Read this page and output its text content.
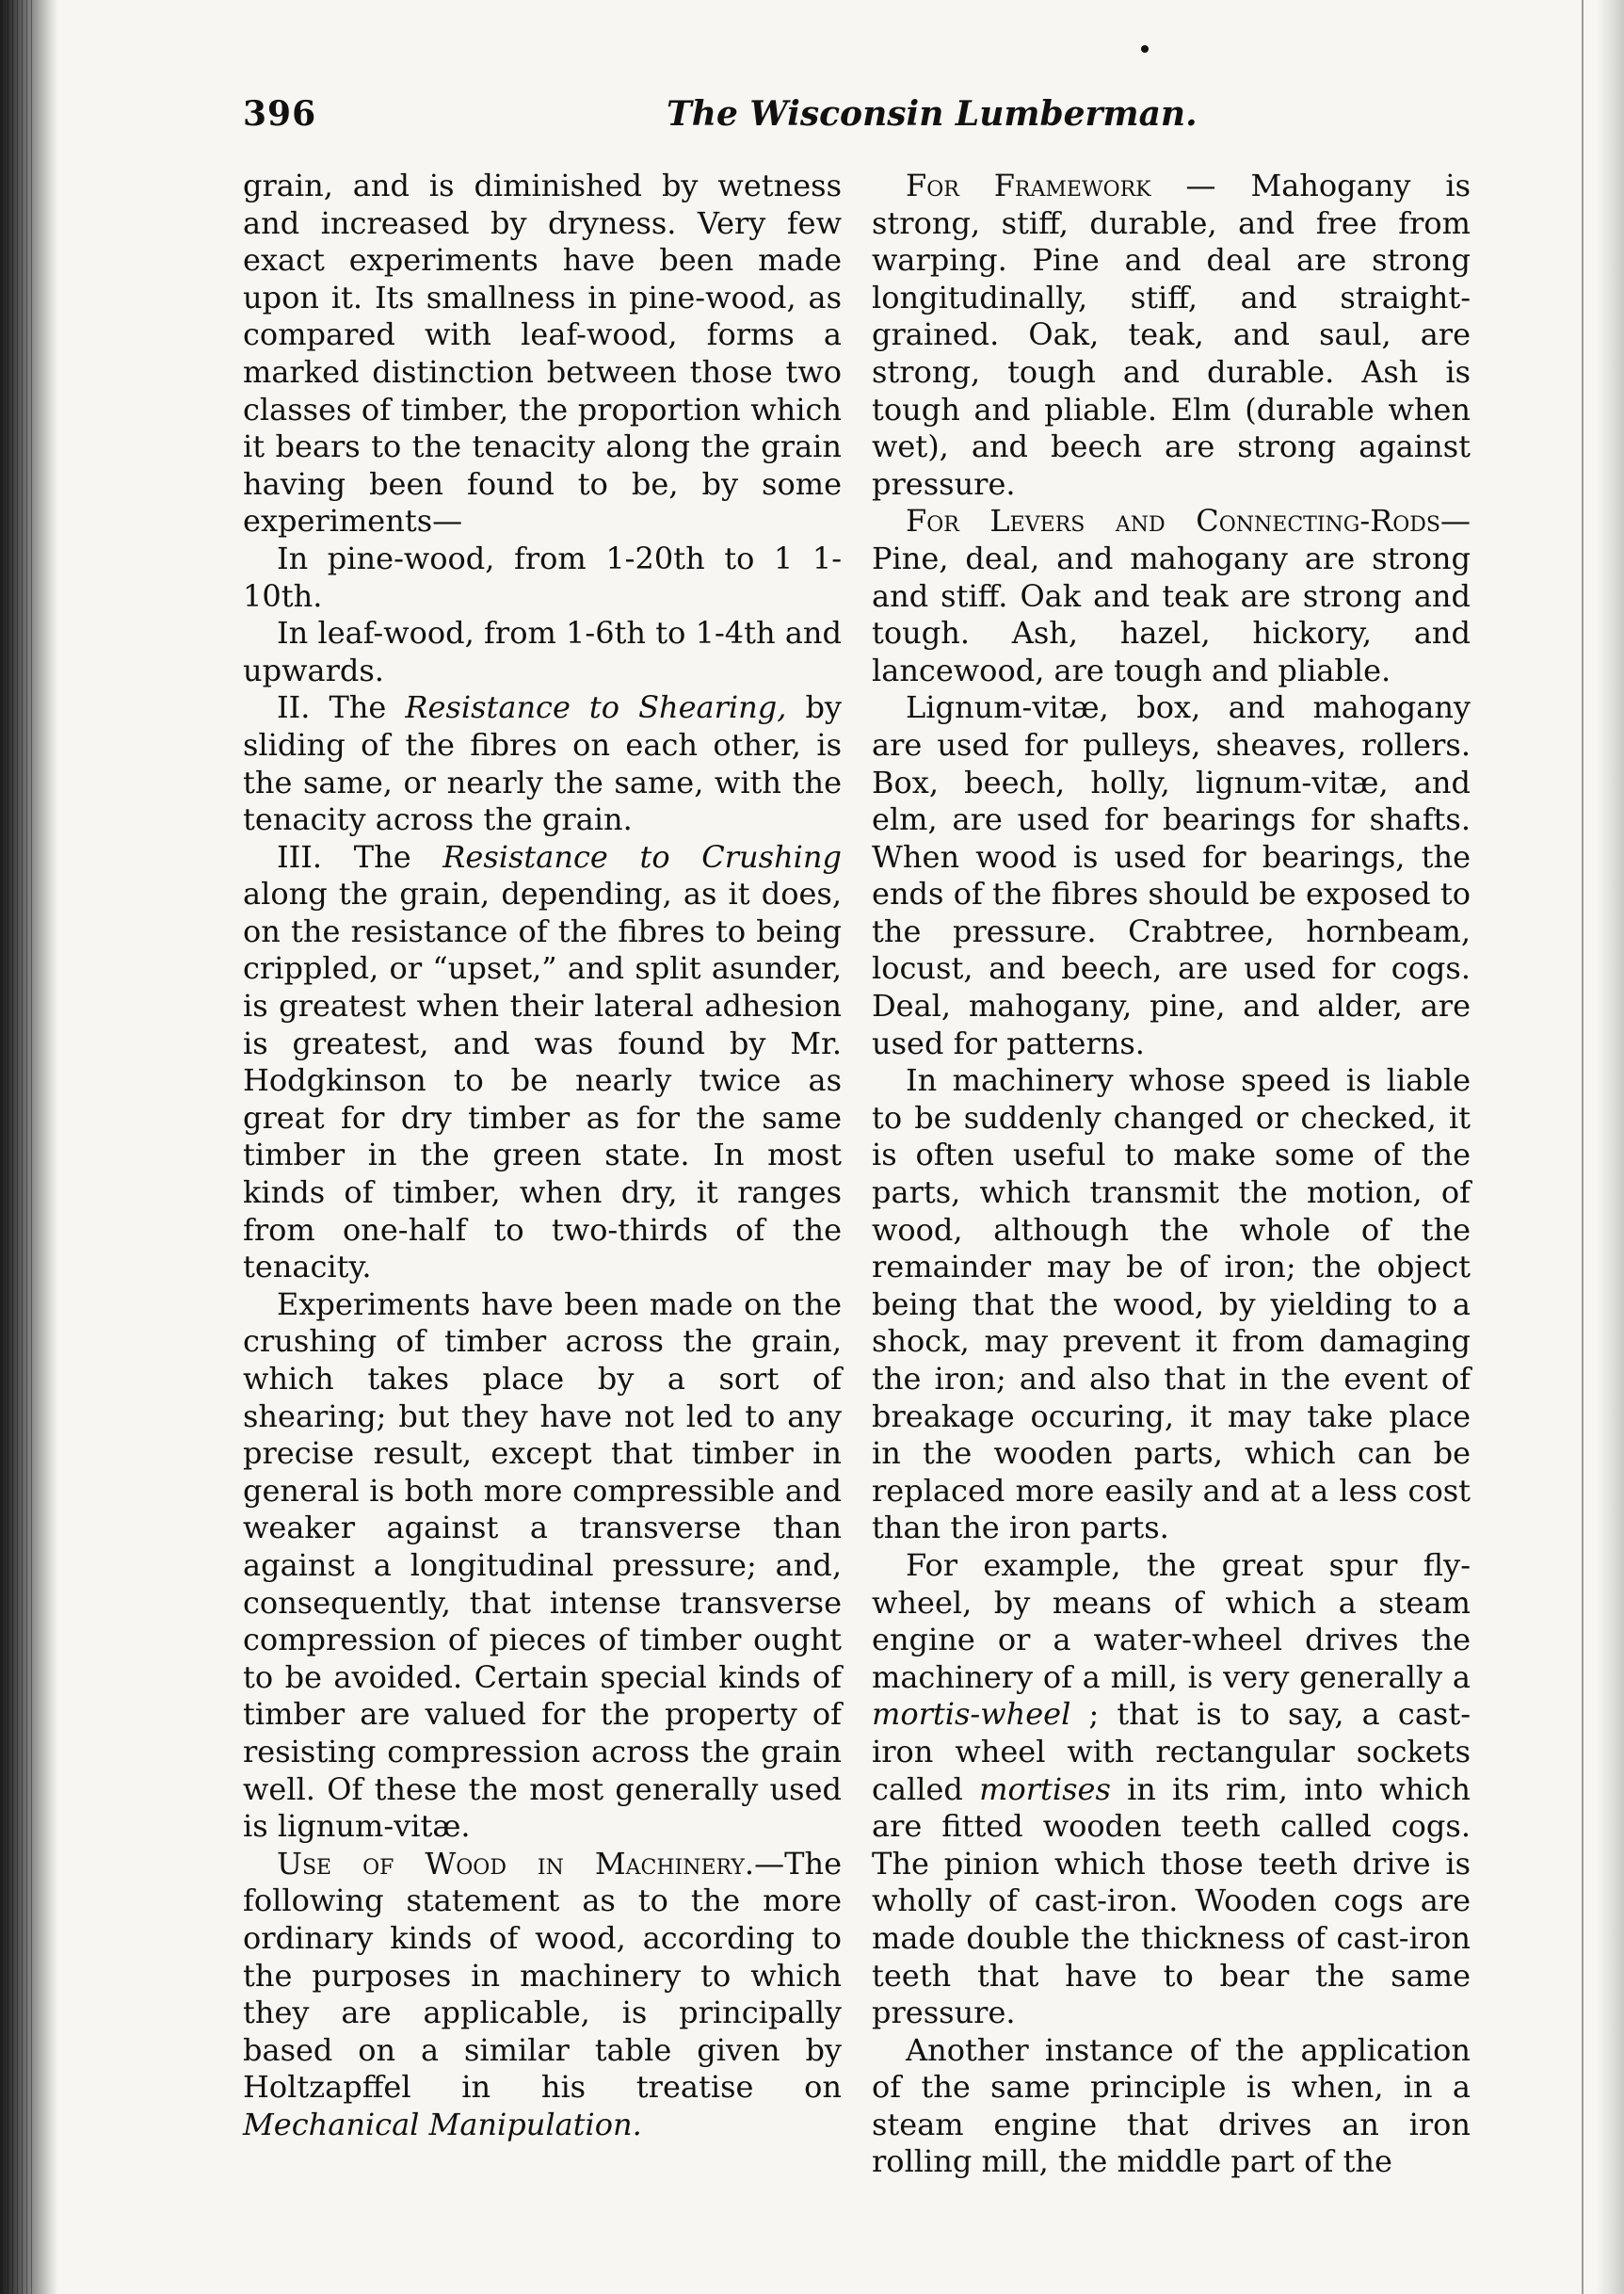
396	The Wisconsin Lumberman.

grain, and is diminished by wetness and increased by dryness. Very few exact experiments have been made upon it. Its smallness in pine-wood, as compared with leaf-wood, forms a marked distinction between those two classes of timber, the proportion which it bears to the tenacity along the grain having been found to be, by some experiments—

In pine-wood, from 1-20th to 1 1-10th.

In leaf-wood, from 1-6th to 1-4th and upwards.

II. The Resistance to Shearing, by sliding of the fibres on each other, is the same, or nearly the same, with the tenacity across the grain.

III. The Resistance to Crushing along the grain, depending, as it does, on the resistance of the fibres to being crippled, or “upset,” and split asunder, is greatest when their lateral adhesion is greatest, and was found by Mr. Hodgkinson to be nearly twice as great for dry timber as for the same timber in the green state. In most kinds of timber, when dry, it ranges from one-half to two-thirds of the tenacity.

Experiments have been made on the crushing of timber across the grain, which takes place by a sort of shearing; but they have not led to any precise result, except that timber in general is both more compressible and weaker against a transverse than against a longitudinal pressure; and, consequently, that intense transverse compression of pieces of timber ought to be avoided. Certain special kinds of timber are valued for the property of resisting compression across the grain well. Of these the most generally used is lignum-vitæ.

Use of Wood in Machinery.—The following statement as to the more ordinary kinds of wood, according to the purposes in machinery to which they are applicable, is principally based on a similar table given by Holtzapffel in his treatise on Mechanical Manipulation.

For Framework — Mahogany is strong, stiff, durable, and free from warping. Pine and deal are strong longitudinally, stiff, and straight-grained. Oak, teak, and saul, are strong, tough and durable. Ash is tough and pliable. Elm (durable when wet), and beech are strong against pressure.

For Levers and Connecting-Rods—Pine, deal, and mahogany are strong and stiff. Oak and teak are strong and tough. Ash, hazel, hickory, and lancewood, are tough and pliable.

Lignum-vitæ, box, and mahogany are used for pulleys, sheaves, rollers. Box, beech, holly, lignum-vitæ, and elm, are used for bearings for shafts. When wood is used for bearings, the ends of the fibres should be exposed to the pressure. Crabtree, hornbeam, locust, and beech, are used for cogs. Deal, mahogany, pine, and alder, are used for patterns.

In machinery whose speed is liable to be suddenly changed or checked, it is often useful to make some of the parts, which transmit the motion, of wood, although the whole of the remainder may be of iron; the object being that the wood, by yielding to a shock, may prevent it from damaging the iron; and also that in the event of breakage occuring, it may take place in the wooden parts, which can be replaced more easily and at a less cost than the iron parts.

For example, the great spur fly-wheel, by means of which a steam engine or a water-wheel drives the machinery of a mill, is very generally a mortis-wheel ; that is to say, a cast-iron wheel with rectangular sockets called mortises in its rim, into which are fitted wooden teeth called cogs. The pinion which those teeth drive is wholly of cast-iron. Wooden cogs are made double the thickness of cast-iron teeth that have to bear the same pressure.

Another instance of the application of the same principle is when, in a steam engine that drives an iron rolling mill, the middle part of the
